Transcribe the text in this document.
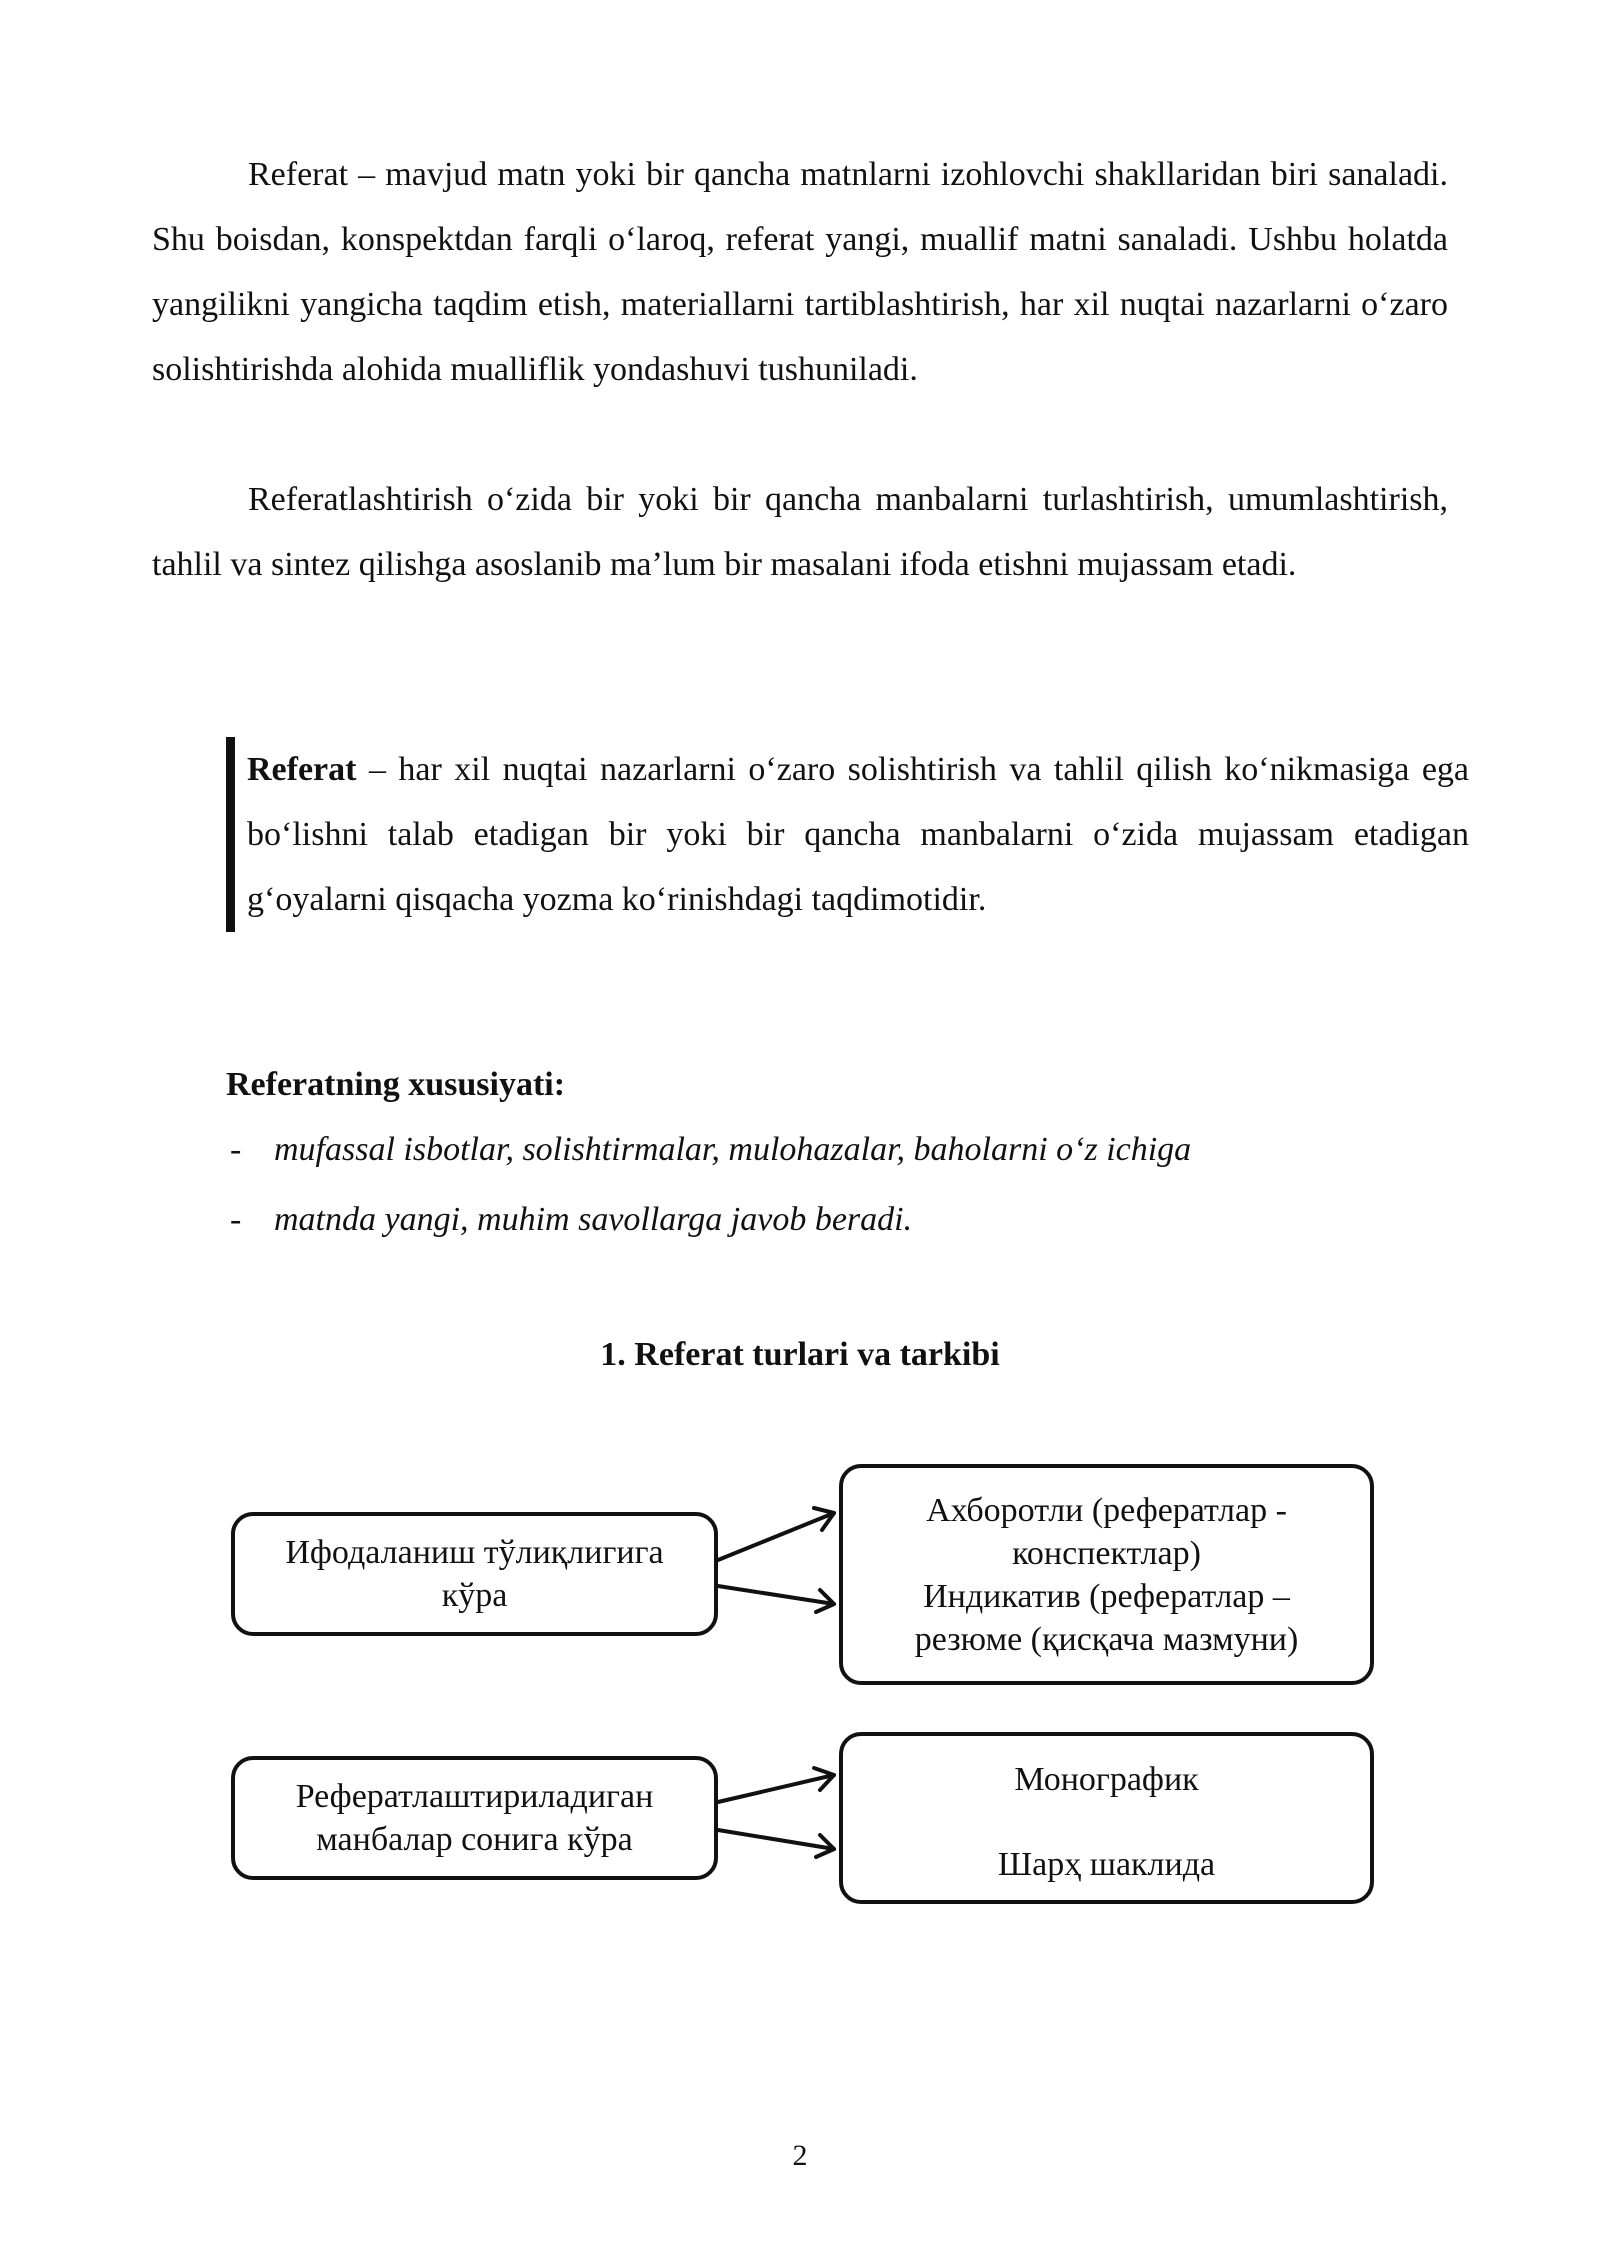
Referat – mavjud matn yoki bir qancha matnlarni izohlovchi shakllaridan biri sanaladi. Shu boisdan, konspektdan farqli oʻlaroq, referat yangi, muallif matni sanaladi. Ushbu holatda yangilikni yangicha taqdim etish, materiallarni tartiblashtirish, har xil nuqtai nazarlarni oʻzaro solishtirishda alohida mualliflik yondashuvi tushuniladi.

Referatlashtirish oʻzida bir yoki bir qancha manbalarni turlashtirish, umumlashtirish, tahlil va sintez qilishga asoslanib maʼlum bir masalani ifoda etishni mujassam etadi.

Referat – har xil nuqtai nazarlarni oʻzaro solishtirish va tahlil qilish koʻnikmasiga ega boʻlishni talab etadigan bir yoki bir qancha manbalarni oʻzida mujassam etadigan gʻoyalarni qisqacha yozma koʻrinishdagi taqdimotidir.

Referatning xususiyati:

- mufassal isbotlar, solishtirmalar, mulohazalar, baholarni oʻz ichiga
- matnda yangi, muhim savollarga javob beradi.

1. Referat turlari va tarkibi

Ифодаланиш тўлиқлигига
кўра
Ахборотли (рефератлар -
конспектлар)
Индикатив (рефератлар –
резюме (қисқача мазмуни)
Рефератлаштириладиган
манбалар сонига кўра
Монографик
Шарҳ шаклида

2
